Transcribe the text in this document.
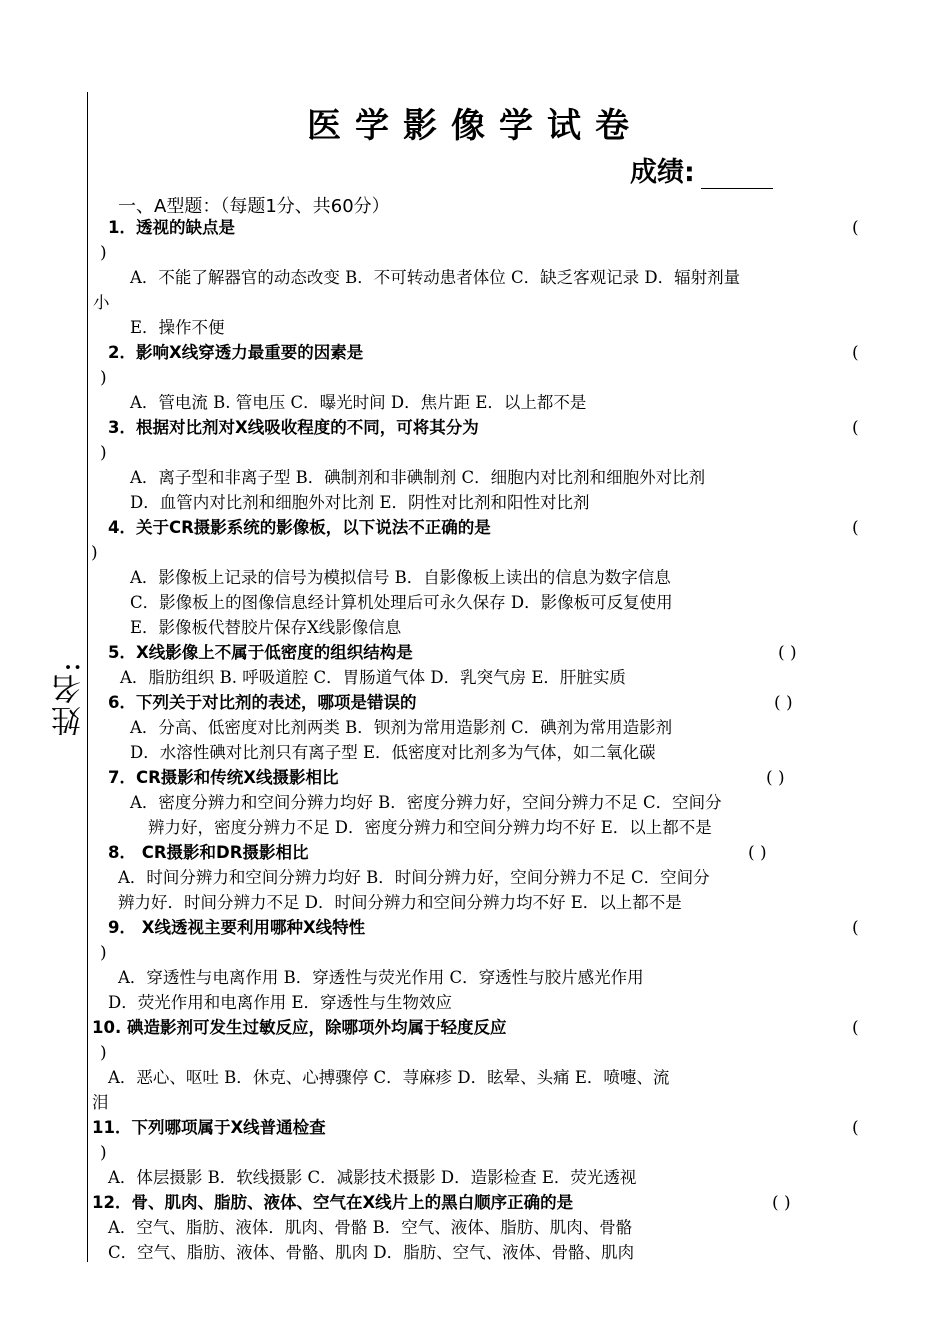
姓名:
医学影像学试卷
成绩:
一、A型题：（每题1分、共60分）
1．透视的缺点是	(
)
A．不能了解器官的动态改变 B．不可转动患者体位 C．缺乏客观记录 D．辐射剂量
小
E．操作不便
2．影响X线穿透力最重要的因素是	(
)
A．管电流 B. 管电压 C．曝光时间 D．焦片距 E．以上都不是
3．根据对比剂对X线吸收程度的不同，可将其分为	(
)
A．离子型和非离子型 B．碘制剂和非碘制剂 C．细胞内对比剂和细胞外对比剂
D．血管内对比剂和细胞外对比剂 E．阴性对比剂和阳性对比剂
4．关于CR摄影系统的影像板，以下说法不正确的是	(
)
A．影像板上记录的信号为模拟信号 B．自影像板上读出的信息为数字信息
C．影像板上的图像信息经计算机处理后可永久保存 D．影像板可反复使用
E．影像板代替胶片保存X线影像信息
5．X线影像上不属于低密度的组织结构是	( )
A．脂肪组织 B. 呼吸道腔 C．胃肠道气体 D．乳突气房 E．肝脏实质
6．下列关于对比剂的表述，哪项是错误的	( )
A．分高、低密度对比剂两类 B．钡剂为常用造影剂 C．碘剂为常用造影剂
D．水溶性碘对比剂只有离子型 E．低密度对比剂多为气体，如二氧化碳
7．CR摄影和传统X线摄影相比	( )
A．密度分辨力和空间分辨力均好 B．密度分辨力好，空间分辨力不足 C．空间分
辨力好，密度分辨力不足 D．密度分辨力和空间分辨力均不好 E．以上都不是
8． CR摄影和DR摄影相比	( )
A．时间分辨力和空间分辨力均好 B．时间分辨力好，空间分辨力不足 C．空间分
辨力好．时间分辨力不足 D．时间分辨力和空间分辨力均不好 E．以上都不是
9． X线透视主要利用哪种X线特性	(
)
A．穿透性与电离作用 B．穿透性与荧光作用 C．穿透性与胶片感光作用
D．荧光作用和电离作用 E．穿透性与生物效应
10. 碘造影剂可发生过敏反应，除哪项外均属于轻度反应	(
)
A．恶心、呕吐 B．休克、心搏骤停 C．荨麻疹 D．眩晕、头痛 E．喷嚏、流
泪
11．下列哪项属于X线普通检查	(
)
A．体层摄影 B．软线摄影 C．减影技术摄影 D．造影检查 E．荧光透视
12．骨、肌肉、脂肪、液体、空气在X线片上的黑白顺序正确的是	( )
A．空气、脂肪、液体．肌肉、骨骼 B．空气、液体、脂肪、肌肉、骨骼
C．空气、脂肪、液体、骨骼、肌肉 D．脂肪、空气、液体、骨骼、肌肉
